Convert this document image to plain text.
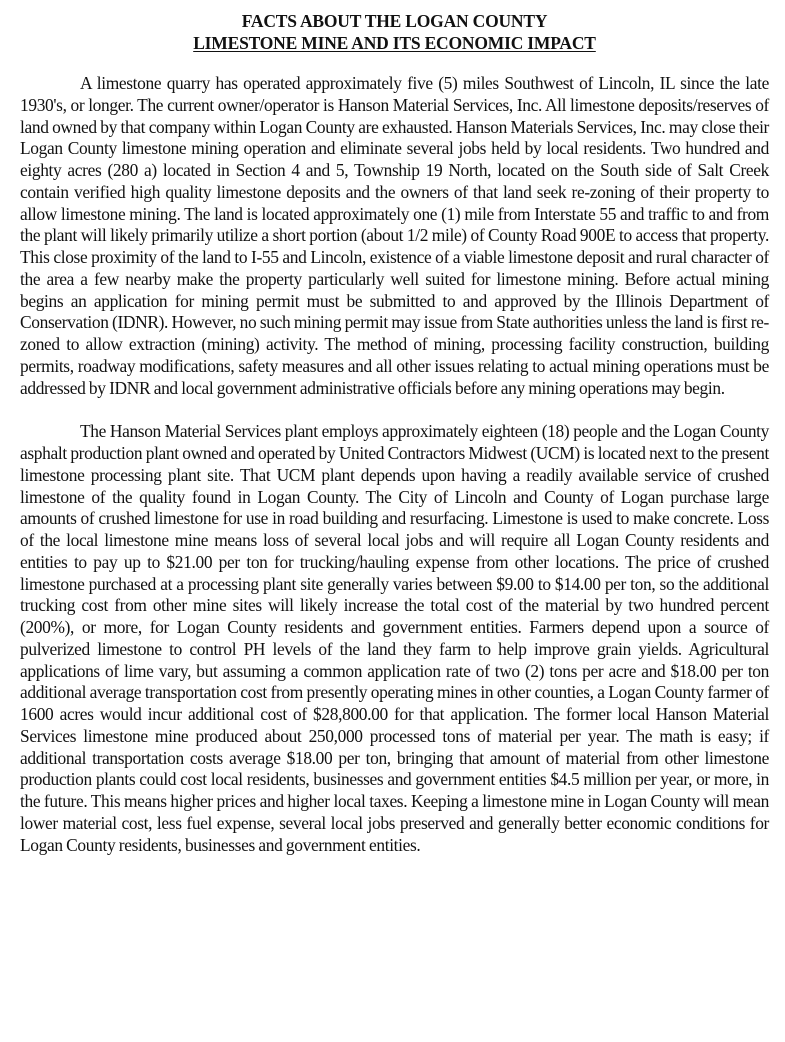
FACTS ABOUT THE LOGAN COUNTY
LIMESTONE MINE AND ITS ECONOMIC IMPACT

A limestone quarry has operated approximately five (5) miles Southwest of Lincoln, IL since the late 1930's, or longer. The current owner/operator is Hanson Material Services, Inc. All limestone deposits/reserves of land owned by that company within Logan County are exhausted. Hanson Materials Services, Inc. may close their Logan County limestone mining operation and eliminate several jobs held by local residents. Two hundred and eighty acres (280 a) located in Section 4 and 5, Township 19 North, located on the South side of Salt Creek contain verified high quality limestone deposits and the owners of that land seek re-zoning of their property to allow limestone mining. The land is located approximately one (1) mile from Interstate 55 and traffic to and from the plant will likely primarily utilize a short portion (about 1/2 mile) of County Road 900E to access that property. This close proximity of the land to I-55 and Lincoln, existence of a viable limestone deposit and rural character of the area a few nearby make the property particularly well suited for limestone mining. Before actual mining begins an application for mining permit must be submitted to and approved by the Illinois Department of Conservation (IDNR). However, no such mining permit may issue from State authorities unless the land is first re-zoned to allow extraction (mining) activity. The method of mining, processing facility construction, building permits, roadway modifications, safety measures and all other issues relating to actual mining operations must be addressed by IDNR and local government administrative officials before any mining operations may begin.

The Hanson Material Services plant employs approximately eighteen (18) people and the Logan County asphalt production plant owned and operated by United Contractors Midwest (UCM) is located next to the present limestone processing plant site. That UCM plant depends upon having a readily available service of crushed limestone of the quality found in Logan County. The City of Lincoln and County of Logan purchase large amounts of crushed limestone for use in road building and resurfacing. Limestone is used to make concrete. Loss of the local limestone mine means loss of several local jobs and will require all Logan County residents and entities to pay up to $21.00 per ton for trucking/hauling expense from other locations. The price of crushed limestone purchased at a processing plant site generally varies between $9.00 to $14.00 per ton, so the additional trucking cost from other mine sites will likely increase the total cost of the material by two hundred percent (200%), or more, for Logan County residents and government entities. Farmers depend upon a source of pulverized limestone to control PH levels of the land they farm to help improve grain yields. Agricultural applications of lime vary, but assuming a common application rate of two (2) tons per acre and $18.00 per ton additional average transportation cost from presently operating mines in other counties, a Logan County farmer of 1600 acres would incur additional cost of $28,800.00 for that application. The former local Hanson Material Services limestone mine produced about 250,000 processed tons of material per year. The math is easy; if additional transportation costs average $18.00 per ton, bringing that amount of material from other limestone production plants could cost local residents, businesses and government entities $4.5 million per year, or more, in the future. This means higher prices and higher local taxes. Keeping a limestone mine in Logan County will mean lower material cost, less fuel expense, several local jobs preserved and generally better economic conditions for Logan County residents, businesses and government entities.
